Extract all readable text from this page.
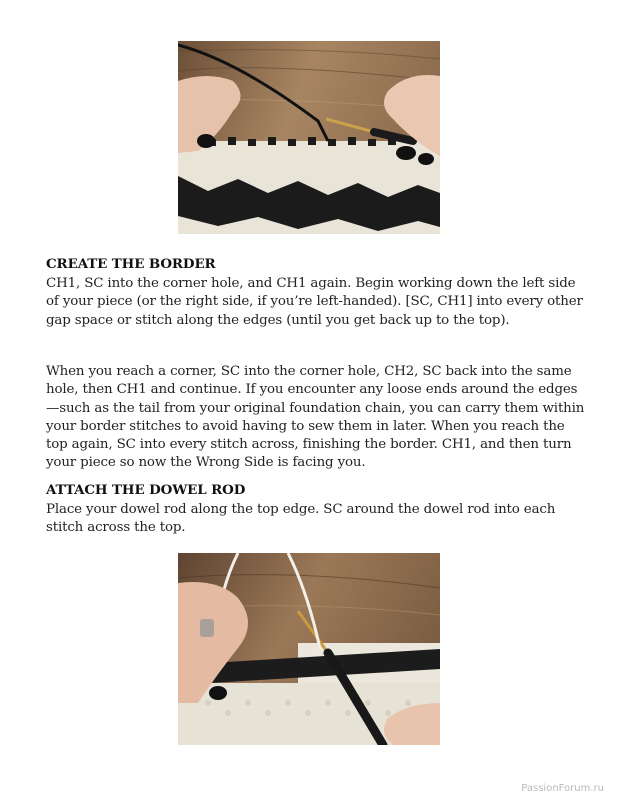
CREATE THE BORDER

CH1, SC into the corner hole, and CH1 again. Begin working down the left side of your piece (or the right side, if you’re left-handed). [SC, CH1] into every other gap space or stitch along the edges (until you get back up to the top).

When you reach a corner, SC into the corner hole, CH2, SC back into the same hole, then CH1 and continue. If you encounter any loose ends around the edges—such as the tail from your original foundation chain, you can carry them within your border stitches to avoid having to sew them in later. When you reach the top again, SC into every stitch across, finishing the border. CH1, and then turn your piece so now the Wrong Side is facing you.

ATTACH THE DOWEL ROD

Place your dowel rod along the top edge. SC around the dowel rod into each stitch across the top.

PassionForum.ru
